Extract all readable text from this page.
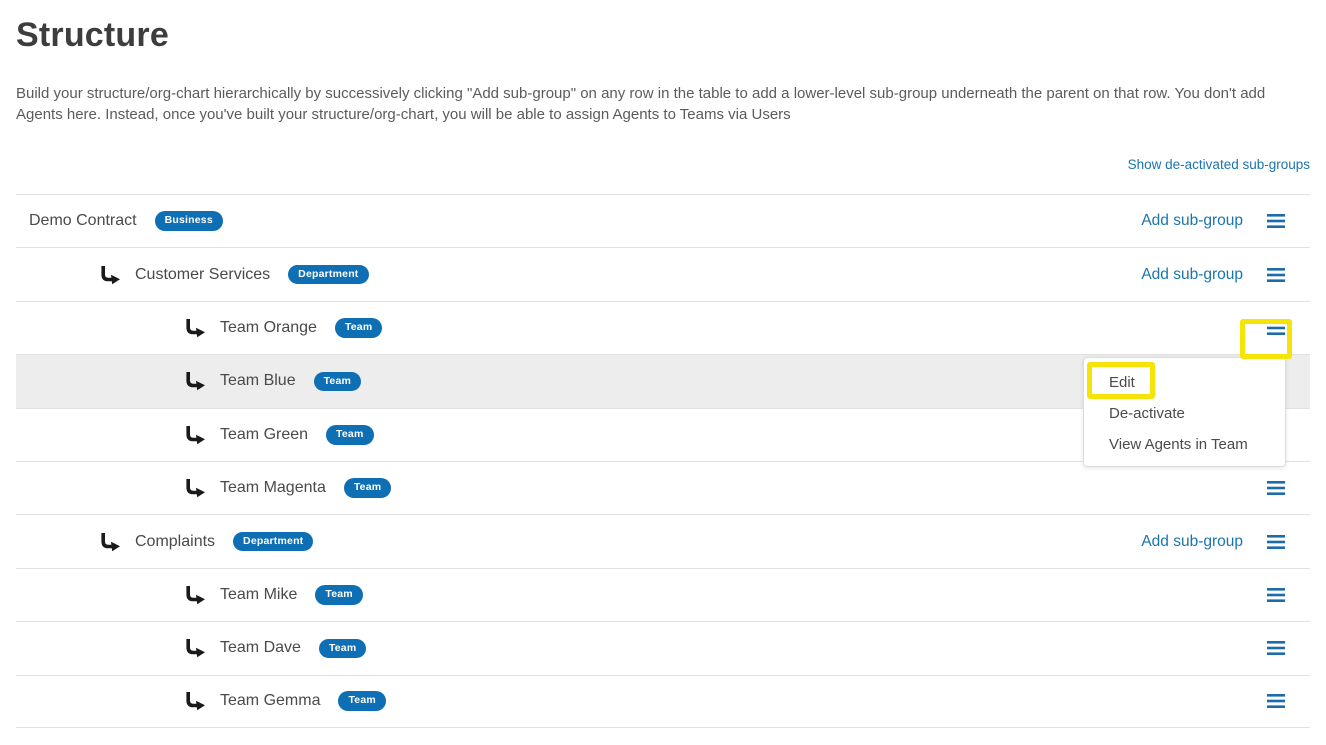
Structure

Build your structure/org-chart hierarchically by successively clicking "Add sub-group" on any row in the table to add a lower-level sub-group underneath the parent on that row. You don't add Agents here. Instead, once you've built your structure/org-chart, you will be able to assign Agents to Teams via Users

Show de-activated sub-groups
Demo Contract	Business	Add sub-group
Customer Services	Department	Add sub-group
Team Orange	Team
Team Blue	Team
Team Green	Team
Team Magenta	Team
Complaints	Department	Add sub-group
Team Mike	Team
Team Dave	Team
Team Gemma	Team
Edit
De-activate
View Agents in Team
